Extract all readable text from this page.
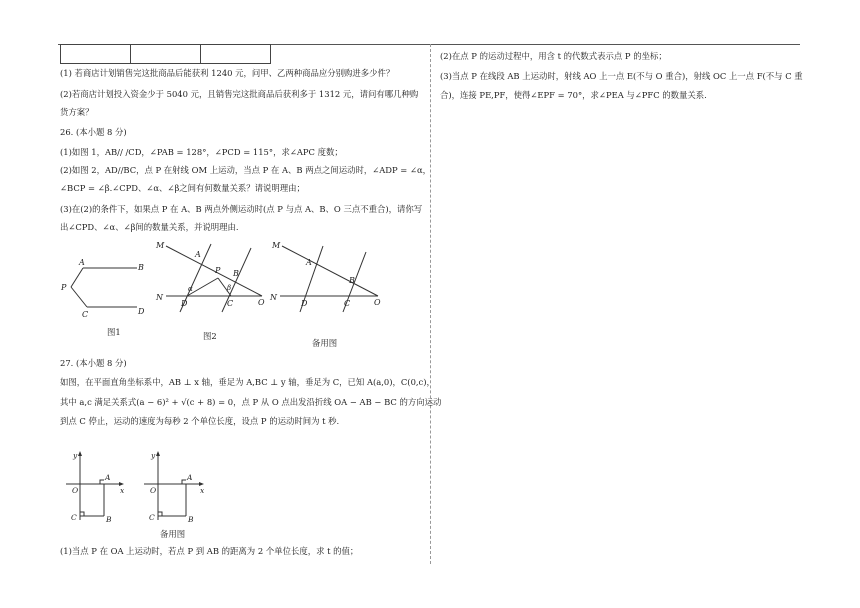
(1) 若商店计划销售完这批商品后能获利 1240 元，问甲、乙两种商品应分别购进多少件？
(2)若商店计划投入资金少于 5040 元，且销售完这批商品后获利多于 1312 元，请问有哪几种购
货方案？
26. (本小题 8 分)
(1)如图 1，AB// /CD，∠PAB = 128°，∠PCD = 115°，求∠APC 度数；
(2)如图 2，AD//BC，点 P 在射线 OM 上运动，当点 P 在 A、B 两点之间运动时，∠ADP = ∠α，
∠BCP = ∠β.∠CPD、∠α、∠β之间有何数量关系？请说明理由；
(3)在(2)的条件下，如果点 P 在 A、B 两点外侧运动时(点 P 与点 A、B、O 三点不重合)，请你写
出∠CPD、∠α、∠β间的数量关系，并说明理由.
A
B
P
C	D
图1
M
A
P B
N
D	C	O
α	β
图2
M
A
B
N
D	C	O
备用图
27. (本小题 8 分)
如图，在平面直角坐标系中，AB ⊥ x 轴，垂足为 A,BC ⊥ y 轴，垂足为 C，已知 A(a,0)，C(0,c)，
其中 a,c 满足关系式(a − 6)² + √(c + 8) = 0，点 P 从 O 点出发沿折线 OA − AB − BC 的方向运动
到点 C 停止，运动的速度为每秒 2 个单位长度，设点 P 的运动时间为 t 秒.
y
A
O	x
C	B
y
A
O	x
C	B
备用图
(1)当点 P 在 OA 上运动时，若点 P 到 AB 的距离为 2 个单位长度，求 t 的值；
(2)在点 P 的运动过程中，用含 t 的代数式表示点 P 的坐标；
(3)当点 P 在线段 AB 上运动时，射线 AO 上一点 E(不与 O 重合)，射线 OC 上一点 F(不与 C 重
合)，连接 PE,PF，使得∠EPF = 70°，求∠PEA 与∠PFC 的数量关系.
